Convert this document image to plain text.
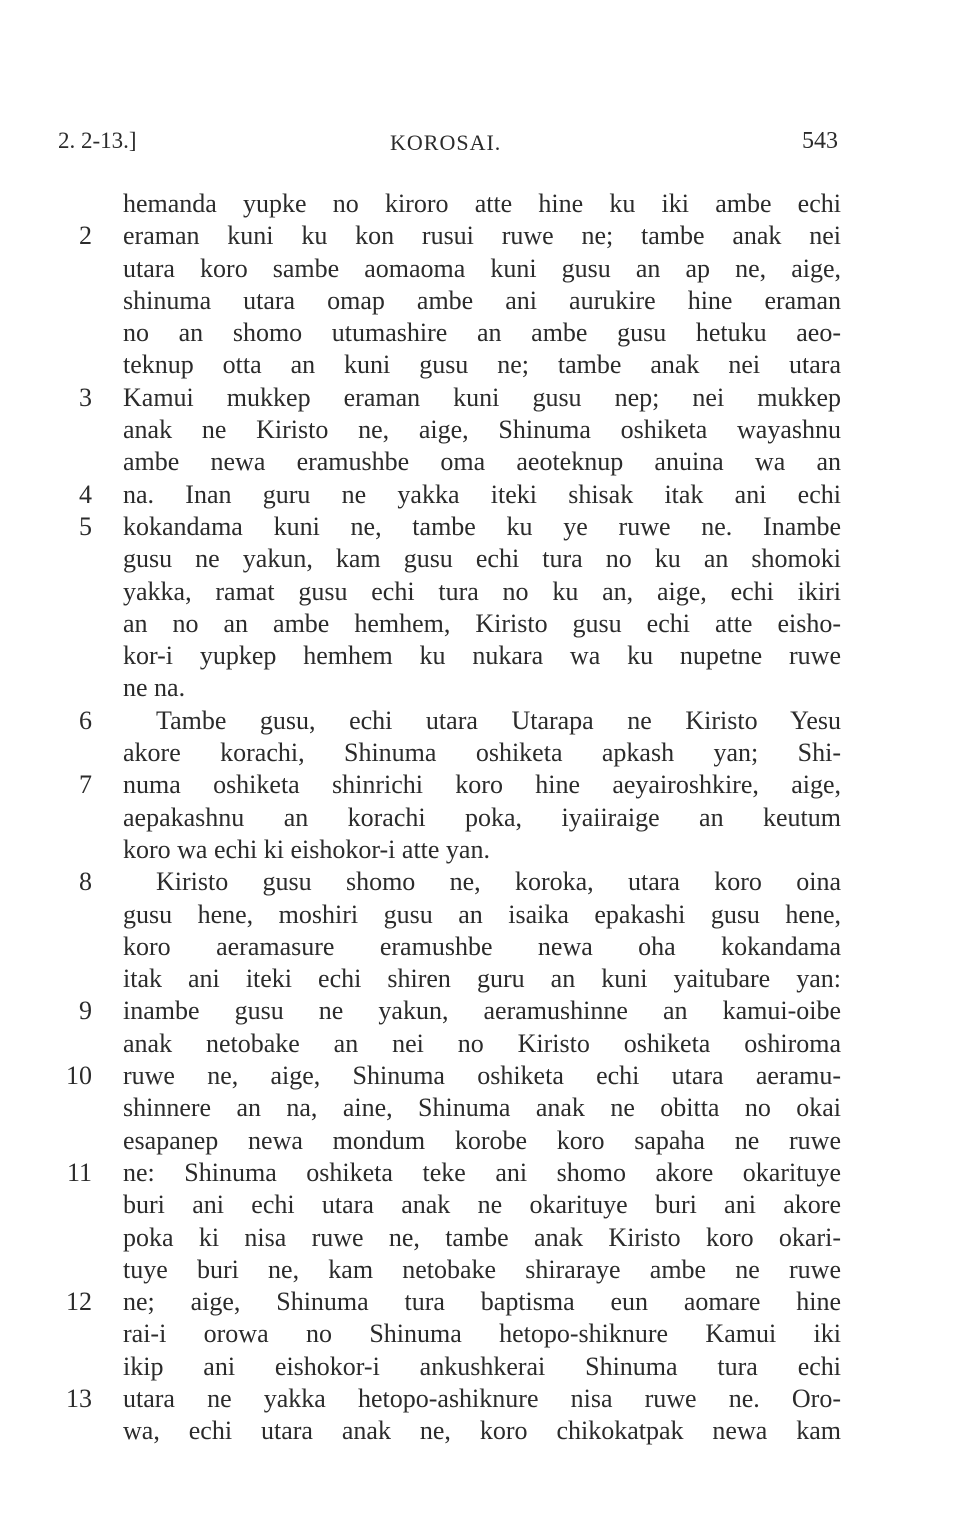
2. 2-13.]	KOROSAI.	543
hemanda yupke no kiroro atte hine ku iki ambe echi
2 eraman kuni ku kon rusui ruwe ne; tambe anak nei
utara koro sambe aomaoma kuni gusu an ap ne, aige,
shinuma utara omap ambe ani aurukire hine eraman
no an shomo utumashire an ambe gusu hetuku aeo-
teknup otta an kuni gusu ne; tambe anak nei utara
3 Kamui mukkep eraman kuni gusu nep; nei mukkep
anak ne Kiristo ne, aige, Shinuma oshiketa wayashnu
ambe newa eramushbe oma aeoteknup anuina wa an
4 na. Inan guru ne yakka iteki shisak itak ani echi
5 kokandama kuni ne, tambe ku ye ruwe ne. Inambe
gusu ne yakun, kam gusu echi tura no ku an shomoki
yakka, ramat gusu echi tura no ku an, aige, echi ikiri
an no an ambe hemhem, Kiristo gusu echi atte eisho-
kor-i yupkep hemhem ku nukara wa ku nupetne ruwe
ne na.
6 Tambe gusu, echi utara Utarapa ne Kiristo Yesu
akore korachi, Shinuma oshiketa apkash yan; Shi-
7 numa oshiketa shinrichi koro hine aeyairoshkire, aige,
aepakashnu an korachi poka, iyaiiraige an keutum
koro wa echi ki eishokor-i atte yan.
8 Kiristo gusu shomo ne, koroka, utara koro oina
gusu hene, moshiri gusu an isaika epakashi gusu hene,
koro aeramasure eramushbe newa oha kokandama
itak ani iteki echi shiren guru an kuni yaitubare yan:
9 inambe gusu ne yakun, aeramushinne an kamui-oibe
anak netobake an nei no Kiristo oshiketa oshiroma
10 ruwe ne, aige, Shinuma oshiketa echi utara aeramu-
shinnere an na, aine, Shinuma anak ne obitta no okai
esapanep newa mondum korobe koro sapaha ne ruwe
11 ne: Shinuma oshiketa teke ani shomo akore okarituye
buri ani echi utara anak ne okarituye buri ani akore
poka ki nisa ruwe ne, tambe anak Kiristo koro okari-
tuye buri ne, kam netobake shiraraye ambe ne ruwe
12 ne; aige, Shinuma tura baptisma eun aomare hine
rai-i orowa no Shinuma hetopo-shiknure Kamui iki
ikip ani eishokor-i ankushkerai Shinuma tura echi
13 utara ne yakka hetopo-ashiknure nisa ruwe ne. Oro-
wa, echi utara anak ne, koro chikokatpak newa kam
